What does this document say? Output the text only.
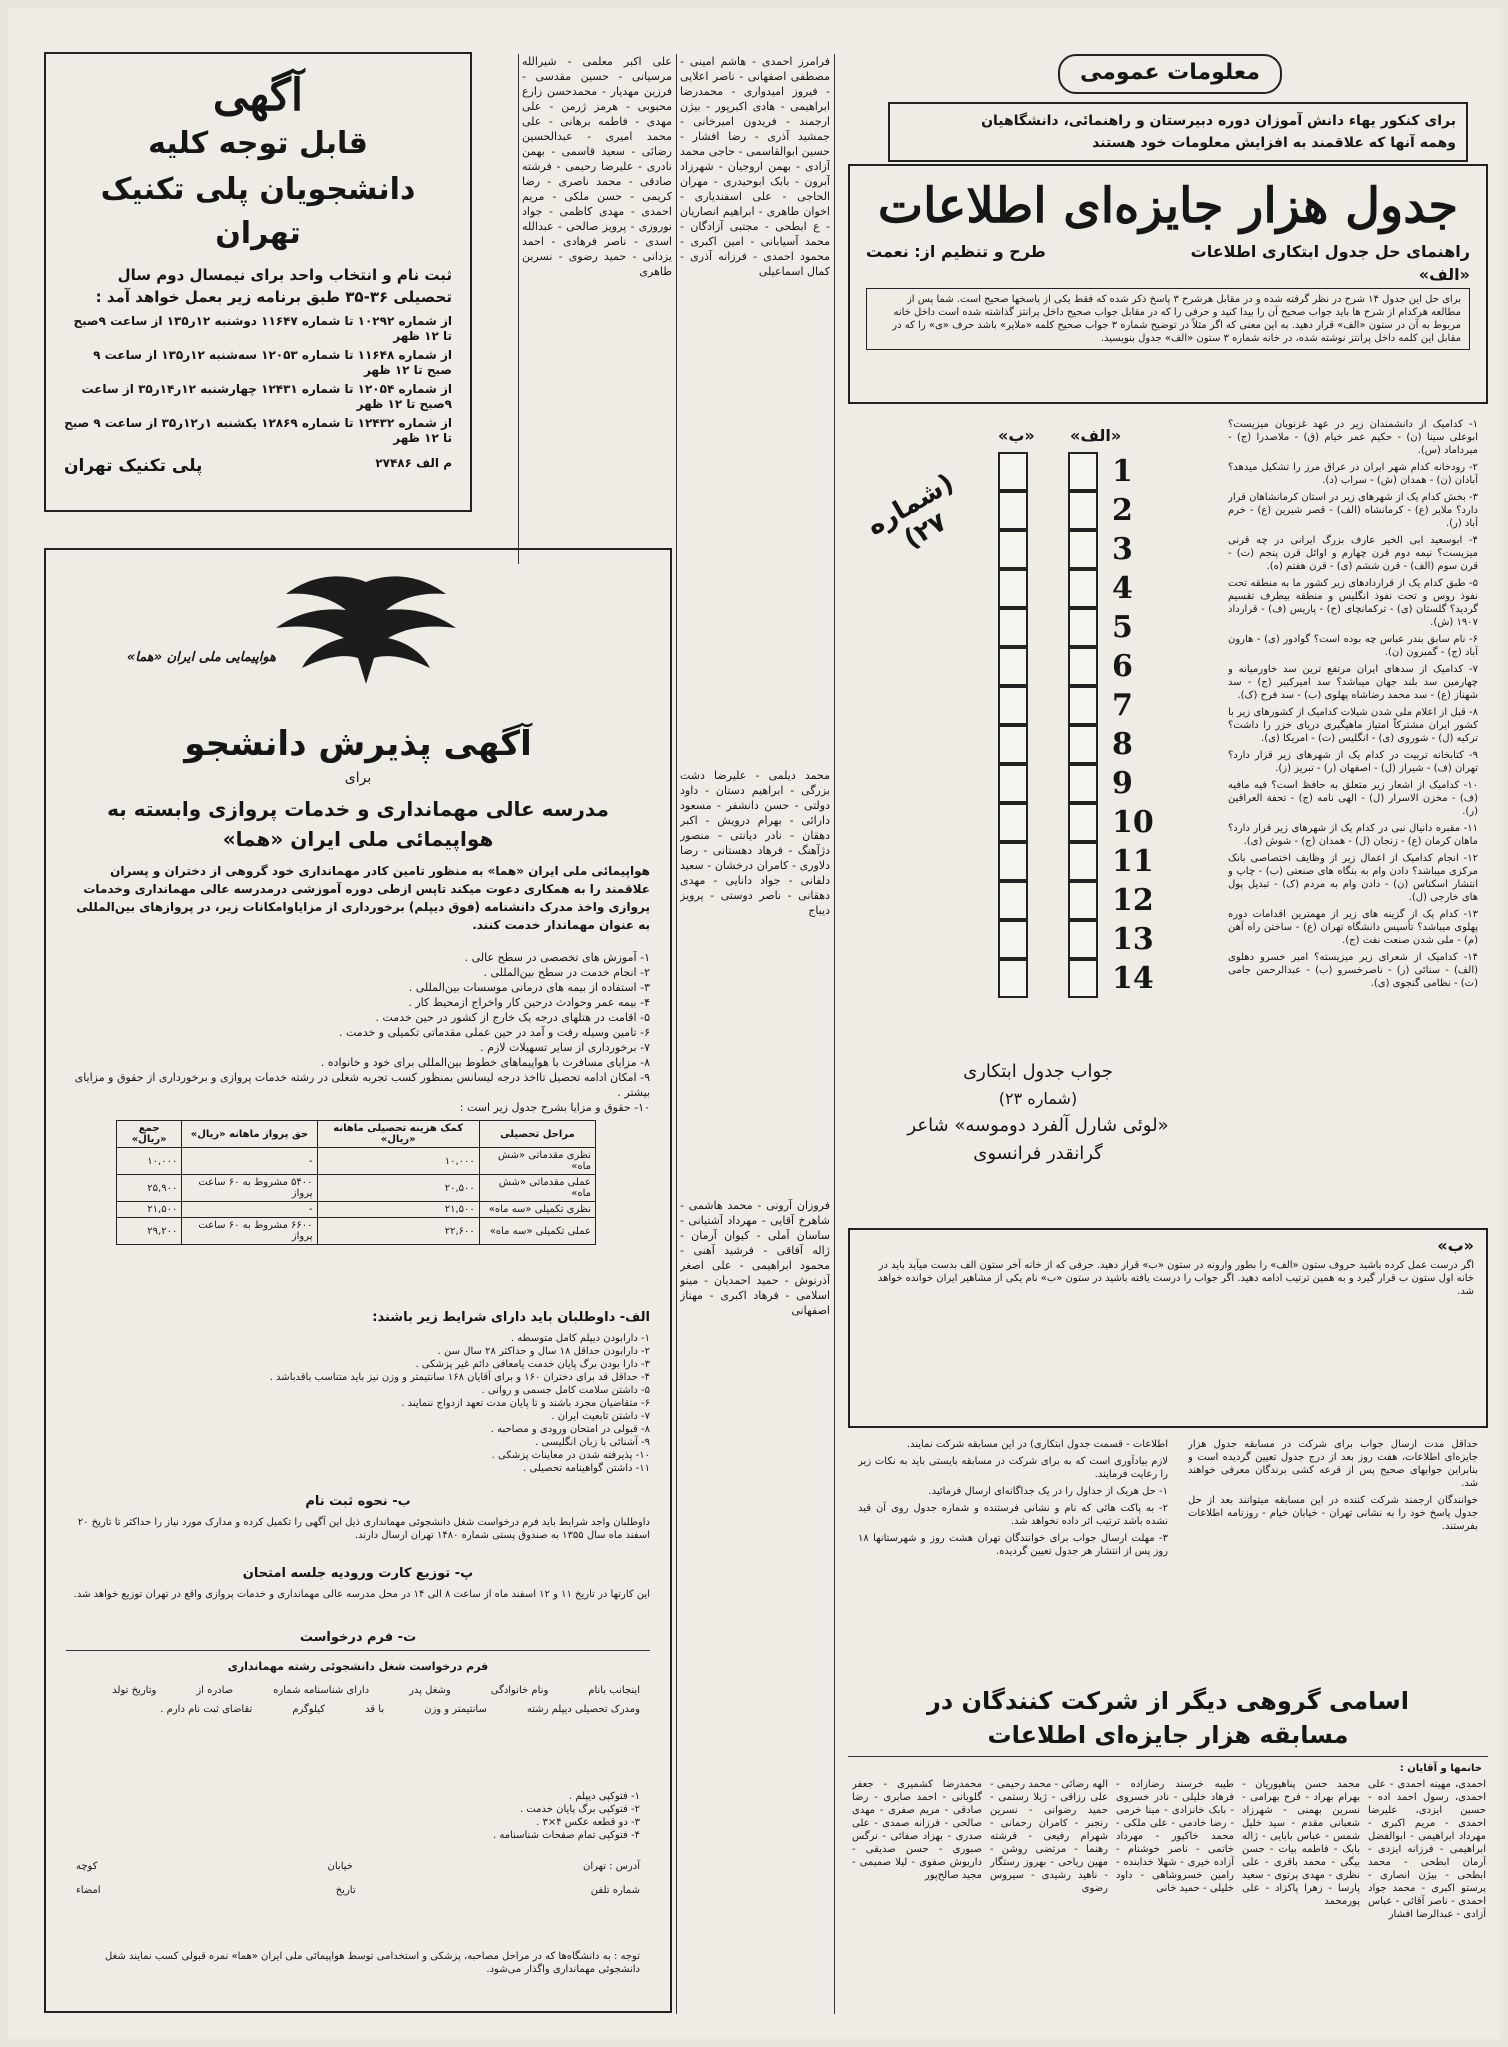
آگهی
قابل توجه کلیه
دانشجویان پلی تکنیک تهران
ثبت نام و انتخاب واحد برای نیمسال دوم سال تحصیلی ۳۶-۳۵ طبق برنامه زیر بعمل خواهد آمد :
از شماره ۱۰۲۹۲ تا شماره ۱۱۶۴۷ دوشنبه ۱۲ر۱۳۵ از ساعت ۹صبح تا ۱۲ ظهر
از شماره ۱۱۶۴۸ تا شماره ۱۲۰۵۳ سه‌شنبه ۱۲ر۱۳۵ از ساعت ۹ صبح تا ۱۲ ظهر
از شماره ۱۲۰۵۴ تا شماره ۱۲۴۳۱ چهارشنبه ۱۲ر۱۴ر۳۵ از ساعت ۹صبح تا ۱۲ ظهر
از شماره ۱۲۴۳۲ تا شماره ۱۲۸۶۹ یکشنبه ۱ر۱۲ر۳۵ از ساعت ۹ صبح تا ۱۲ ظهر
م الف ۲۷۴۸۶
پلی تکنیک تهران
هواپیمایی ملی ایران «هما»
آگهی پذیرش دانشجو
برای
مدرسه عالی مهمانداری و خدمات پروازی وابسته به هواپیمائی ملی ایران «هما»
هواپیمائی ملی ایران «هما» به منظور تامین کادر مهمانداری خود گروهی از دختران و پسران علاقمند را به همکاری دعوت میکند تاپس ازطی دوره آموزشی درمدرسه عالی مهمانداری وخدمات پروازی واخذ مدرک دانشنامه (فوق دیپلم) برخورداری از مزایاوامکانات زیر، در پروازهای بین‌المللی به عنوان مهماندار خدمت کنند.
۱- آموزش های تخصصی در سطح عالی .
۲- انجام خدمت در سطح بین‌المللی .
۳- استفاده از بیمه های درمانی موسسات بین‌المللی .
۴- بیمه عمر وحوادث درحین کار واخراج ازمحیط کار .
۵- اقامت در هتلهای درجه یک خارج از کشور در حین خدمت .
۶- تامین وسیله رفت و آمد در حین عملی مقدماتی تکمیلی و خدمت .
۷- برخورداری از سایر تسهیلات لازم .
۸- مزایای مسافرت با هواپیماهای خطوط بین‌المللی برای خود و خانواده .
۹- امکان ادامه تحصیل تااخذ درجه لیسانس بمنظور کسب تجربه شغلی در رشته خدمات پروازی و برخورداری از حقوق و مزایای بیشتر .
۱۰- حقوق و مزایا بشرح جدول زیر است :
مراحل تحصیلی	کمک هزینه تحصیلی ماهانه «ریال»	حق پرواز ماهانه «ریال»	جمع «ریال»
نظری مقدماتی «شش ماه»	۱۰,۰۰۰	-	۱۰,۰۰۰
عملی مقدماتی «شش ماه»	۲۰,۵۰۰	۵۴۰۰ مشروط به ۶۰ ساعت پرواز	۲۵,۹۰۰
نظری تکمیلی «سه ماه»	۲۱,۵۰۰	-	۲۱,۵۰۰
عملی تکمیلی «سه ماه»	۲۲,۶۰۰	۶۶۰۰ مشروط به ۶۰ ساعت پرواز	۲۹,۲۰۰
الف- داوطلبان باید دارای شرایط زیر باشند:
۱- دارابودن دیپلم کامل متوسطه .
۲- دارابودن حداقل ۱۸ سال و حداکثر ۲۸ سال سن .
۳- دارا بودن برگ پایان خدمت یامعافی دائم غیر پزشکی .
۴- حداقل قد برای دختران ۱۶۰ و برای آقایان ۱۶۸ سانتیمتر و وزن نیز باید متناسب باقدباشد .
۵- داشتن سلامت کامل جسمی و روانی .
۶- متقاضیان مجرد باشند و تا پایان مدت تعهد ازدواج ننمایند .
۷- داشتن تابعیت ایران .
۸- قبولی در امتحان ورودی و مصاحبه .
۹- آشنائی با زبان انگلیسی .
۱۰- پذیرفته شدن در معاینات پزشکی .
۱۱- داشتن گواهینامه تحصیلی .
ب- نحوه ثبت نام
داوطلبان واجد شرایط باید فرم درخواست شغل دانشجوئی مهمانداری ذیل این آگهی را تکمیل کرده و مدارک مورد نیاز را حداکثر تا تاریخ ۲۰ اسفند ماه سال ۱۳۵۵ به صندوق پستی شماره ۱۴۸۰ تهران ارسال دارند.
پ- توزیع کارت ورودیه جلسه امتحان
این کارتها در تاریخ ۱۱ و ۱۲ اسفند ماه از ساعت ۸ الی ۱۴ در محل مدرسه عالی مهمانداری و خدمات پروازی واقع در تهران توزیع خواهد شد.
ت- فرم درخواست
فرم درخواست شغل دانشجوئی رشته مهمانداری
اینجانب بانام
ونام خانوادگی
وشغل پدر
دارای شناسنامه شماره
صادره از
وتاریخ تولد
ومدرک تحصیلی دیپلم رشته
سانتیمتر و وزن
با قد
کیلوگرم
تقاضای ثبت نام دارم .
۱- فتوکپی دیپلم .
۲- فتوکپی برگ پایان خدمت .
۳- دو قطعه عکس ۴×۳ .
۴- فتوکپی تمام صفحات شناسنامه .
آدرس : تهران
خیابان
کوچه
شماره تلفن
تاریخ
امضاء
توجه : به دانشگاه‌ها که در مراحل مصاحبه، پزشکی و استخدامی توسط هواپیمائی ملی ایران «هما» نمره قبولی کسب نمایند شغل دانشجوئی مهمانداری واگذار می‌شود.

علی اکبر معلمی - شیرالله مرسیانی - حسین مقدسی - فرزین مهدیار - محمدحسن زارع محبوبی - هرمز ژرمن - علی مهدی - فاطمه برهانی - علی محمد امیری - عبدالحسین رضائی - سعید قاسمی - بهمن نادری - علیرضا رحیمی - فرشته صادقی - محمد ناصری - رضا کریمی - حسن ملکی - مریم احمدی - مهدی کاظمی - جواد نوروزی - پرویز صالحی - عبدالله اسدی - ناصر فرهادی - احمد یزدانی - حمید رضوی - نسرین طاهری

فرامرز احمدی - هاشم امینی - مصطفی اصفهانی - ناصر اعلایی - فیروز امیدواری - محمدرضا ابراهیمی - هادی اکبرپور - بیژن ارجمند - فریدون امیرخانی - جمشید آذری - رضا افشار - حسین ابوالقاسمی - حاجی محمد آزادی - بهمن اروجیان - شهرزاد آبرون - بابک ابوحیدری - مهران الحاجی - علی اسفندیاری - اخوان طاهری - ابراهیم انصاریان - ع ابطحی - مجتبی آزادگان - محمد آسیابانی - امین اکبری - محمود احمدی - فرزانه آذری - کمال اسماعیلی

محمد دیلمی - علیرضا دشت بزرگی - ابراهیم دستان - داود دولتی - حسن دانشفر - مسعود دارائی - بهرام درویش - اکبر دهقان - نادر دیانتی - منصور دژآهنگ - فرهاد دهستانی - رضا دلاوری - کامران درخشان - سعید دلفانی - جواد دانایی - مهدی دهقانی - ناصر دوستی - پرویز دیباج

فروزان آرونی - محمد هاشمی - شاهرخ آقایی - مهرداد آشتیانی - ساسان آملی - کیوان آرمان - ژاله آفاقی - فرشید آهنی - محمود ابراهیمی - علی اصغر آذرنوش - حمید احمدیان - مینو اسلامی - فرهاد اکبری - مهناز اصفهانی

معلومات عمومی
برای کنکور یهاء دانش آموزان دوره دبیرستان و راهنمائی، دانشگاهیان
وهمه آنها که علاقمند به افزایش معلومات خود هستند
جدول هزار جایزه‌ای اطلاعات
راهنمای حل جدول ابتکاری اطلاعات
طرح و تنظیم از: نعمت
«الف»
برای حل این جدول ۱۴ شرح در نظر گرفته شده و در مقابل هرشرح ۳ پاسخ ذکر شده که فقط یکی از پاسخها صحیح است. شما پس از مطالعه هرکدام از شرح ها باید جواب صحیح آن را بیدا کنید و حرفی را که در مقابل جواب صحیح داخل پرانتز گذاشته شده است داخل خانه مربوط به آن در ستون «الف» قرار دهید. به این معنی که اگر مثلاً در توضیح شماره ۳ جواب صحیح کلمه «ملایر» باشد حرف «ی» را که در مقابل این کلمه داخل پرانتز نوشته شده، در خانه شماره ۳ ستون «الف» جدول بنویسید.

۱- کدامیک از دانشمندان زیر در عهد غزنویان میزیست؟ ابوعلی سینا (ن) - حکیم عمر خیام (ق) - ملاصدرا (ج) - میرداماد (س).

۲- رودخانه کدام شهر ایران در عراق مرز را تشکیل میدهد؟ آبادان (ن) - همدان (ش) - سراب (د).

۳- بخش کدام یک از شهرهای زیر در استان کرمانشاهان قرار دارد؟ ملایر (ع) - کرمانشاه (الف) - قصر شیرین (ع) - خرم آباد (ر).

۴- ابوسعید ابی الخیر عارف بزرگ ایرانی در چه قرنی میزیست؟ نیمه دوم قرن چهارم و اوائل قرن پنجم (ت) - قرن سوم (الف) - قرن ششم (ی) - قرن هفتم (ه).

۵- طبق کدام یک از قراردادهای زیر کشور ما به منطقه تحت نفوذ روس و تحت نفوذ انگلیس و منطقه بیطرف تقسیم گردید؟ گلستان (ی) - ترکمانچای (ح) - پاریس (ف) - قرارداد ۱۹۰۷ (ش).

۶- نام سابق بندر عباس چه بوده است؟ گوادور (ی) - هارون آباد (ج) - گمبرون (ن).

۷- کدامیک از سدهای ایران مرتفع ترین سد خاورمیانه و چهارمین سد بلند جهان میباشد؟ سد امیرکبیر (ج) - سد شهناز (ع) - سد محمد رضاشاه پهلوی (ب) - سد فرح (ک).

۸- قبل از اعلام ملی شدن شیلات کدامیک از کشورهای زیر با کشور ایران مشترکاً امتیاز ماهیگیری دریای خزر را داشت؟ ترکیه (ل) - شوروی (ی) - انگلیس (ت) - امریکا (ی).

۹- کتابخانه تربیت در کدام یک از شهرهای زیر قرار دارد؟ تهران (ف) - شیراز (ل) - اصفهان (ر) - تبریز (ز).

۱۰- کدامیک از اشعار زیر متعلق به حافظ است؟ فیه مافیه (ف) - مخزن الاسرار (ل) - الهی نامه (ج) - تحفة العراقین (ر).

۱۱- مقبره دانیال نبی در کدام یک از شهرهای زیر قرار دارد؟ ماهان کرمان (ع) - زنجان (ل) - همدان (ج) - شوش (ی).

۱۲- انجام کدامیک از اعمال زیر از وظایف اختصاصی بانک مرکزی میباشد؟ دادن وام به بنگاه های صنعتی (ب) - چاپ و انتشار اسکناس (ن) - دادن وام به مردم (ک) - تبدیل پول های خارجی (ل).

۱۳- کدام یک از گزینه های زیر از مهمترین اقدامات دوره پهلوی میباشد؟ تأسیس دانشگاه تهران (ع) - ساختن راه آهن (م) - ملی شدن صنعت نفت (ج).

۱۴- کدامیک از شعرای زیر میزیسته؟ امیر خسرو دهلوی (الف) - سنائی (ر) - ناصرخسرو (ب) - عبدالرحمن جامی (ت) - نظامی گنجوی (ی).

(شماره ۲۷)
«الف»
«ب»
1
2
3
4
5
6
7
8
9
10
11
12
13
14
جواب جدول ابتکاری
(شماره ۲۳)
«لوئی شارل آلفرد دوموسه» شاعر
گرانقدر فرانسوی
«ب»
اگر درست عمل کرده باشید حروف ستون «الف» را بطور وارونه در ستون «ب» قرار دهید. حرفی که از خانه آخر ستون الف بدست میآید باید در خانه اول ستون ب قرار گیرد و به همین ترتیب ادامه دهید. اگر جواب را درست یافته باشید در ستون «ب» نام یکی از مشاهیر ایران خوانده خواهد شد.

حداقل مدت ارسال جواب برای شرکت در مسابقه جدول هزار جایزه‌ای اطلاعات، هفت روز بعد از درج جدول تعیین گردیده است و بنابراین جوابهای صحیح پس از قرعه کشی برندگان معرفی خواهند شد.

خوانندگان ارجمند شرکت کننده در این مسابقه میتوانند بعد از حل جدول پاسخ خود را به نشانی تهران - خیابان خیام - روزنامه اطلاعات بفرستند.

اطلاعات - قسمت جدول ابتکاری) در این مسابقه شرکت نمایند.

لازم بیادآوری است که به برای شرکت در مسابقه بایستی باید به نکات زیر را رعایت فرمایند.

۱- حل هریک از جداول را در یک جداگانه‌ای ارسال فرمائید.

۲- به پاکت هائی که نام و نشانی فرستنده و شماره جدول روی آن قید نشده باشد ترتیب اثر داده نخواهد شد.

۳- مهلت ارسال جواب برای خوانندگان تهران هشت روز و شهرستانها ۱۸ روز پس از انتشار هر جدول تعیین گردیده.

اسامی گروهی دیگر از شرکت کنندگان در مسابقه هزار جایزه‌ای اطلاعات
خانمها و آقایان :

احمدی، مهینه احمدی - علی احمدی، رسول احمد اده - حسین ایزدی، علیرضا احمدی - مریم اکبری - مهرداد ابراهیمی - ابوالفضل ابراهیمی - فرزانه ایزدی - آرمان ابطحی - محمد ابطحی - بیژن انصاری - پرستو اکبری - محمد جواد احمدی - ناصر آقائی - عباس آزادی - عبدالرضا افشار

محمد حسن پناهپوریان - بهرام بهراد - فرح بهرامی - نسرین بهمنی - شهرزاد شعبانی مقدم - سید خلیل شمس - عباس بابایی - ژاله بابک - فاطمه بیات - حسن بیگی - محمد باقری - علی نظری - مهدی پرتوی - سعید پارسا - زهرا پاکزاد - علی پورمحمد

طیبه خرسند رضازاده - فرهاد خلیلی - نادر خسروی - بابک خانزادی - مینا خرمی - رضا خادمی - علی ملکی - محمد خاکپور - مهرداد خاتمی - ناصر خوشنام - آزاده خیری - شهلا خدابنده - رامین خسروشاهی - داود خلیلی - حمید خانی

الهه رضائی - محمد رحیمی - علی رزاقی - ژیلا رستمی - حمید رضوانی - نسرین رنجبر - کامران رحمانی - شهرام رفیعی - فرشته رهنما - مرتضی روشن - مهین ریاحی - بهروز رستگار - ناهید رشیدی - سیروس رضوی

محمدرضا کشمیری - جعفر گلوبانی - احمد صابری - رضا صادقی - مریم صفری - مهدی صالحی - فرزانه صمدی - علی صدری - بهزاد صفائی - نرگس صبوری - حسن صدیقی - داریوش صفوی - لیلا صمیمی - مجید صالح‌پور
